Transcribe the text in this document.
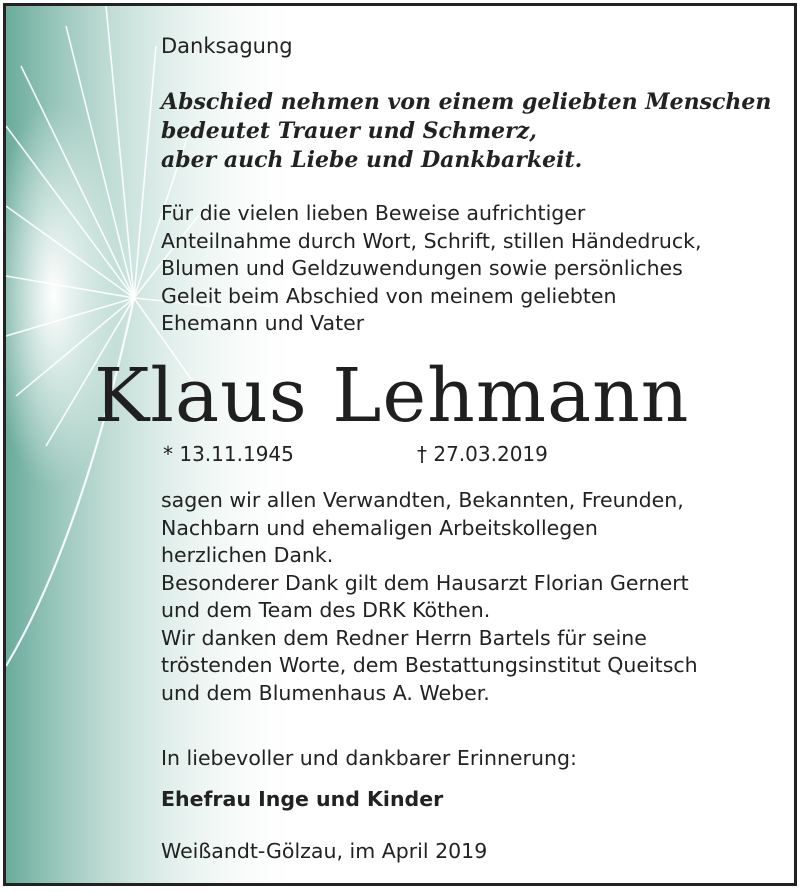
Danksagung

Abschied nehmen von einem geliebten Menschen
bedeutet Trauer und Schmerz,
aber auch Liebe und Dankbarkeit.

Für die vielen lieben Beweise aufrichtiger
Anteilnahme durch Wort, Schrift, stillen Händedruck,
Blumen und Geldzuwendungen sowie persönliches
Geleit beim Abschied von meinem geliebten
Ehemann und Vater

Klaus Lehmann

* 13.11.1945	† 27.03.2019

sagen wir allen Verwandten, Bekannten, Freunden,
Nachbarn und ehemaligen Arbeitskollegen
herzlichen Dank.
Besonderer Dank gilt dem Hausarzt Florian Gernert
und dem Team des DRK Köthen.
Wir danken dem Redner Herrn Bartels für seine
tröstenden Worte, dem Bestattungsinstitut Queitsch
und dem Blumenhaus A. Weber.

In liebevoller und dankbarer Erinnerung:

Ehefrau Inge und Kinder

Weißandt-Gölzau, im April 2019
